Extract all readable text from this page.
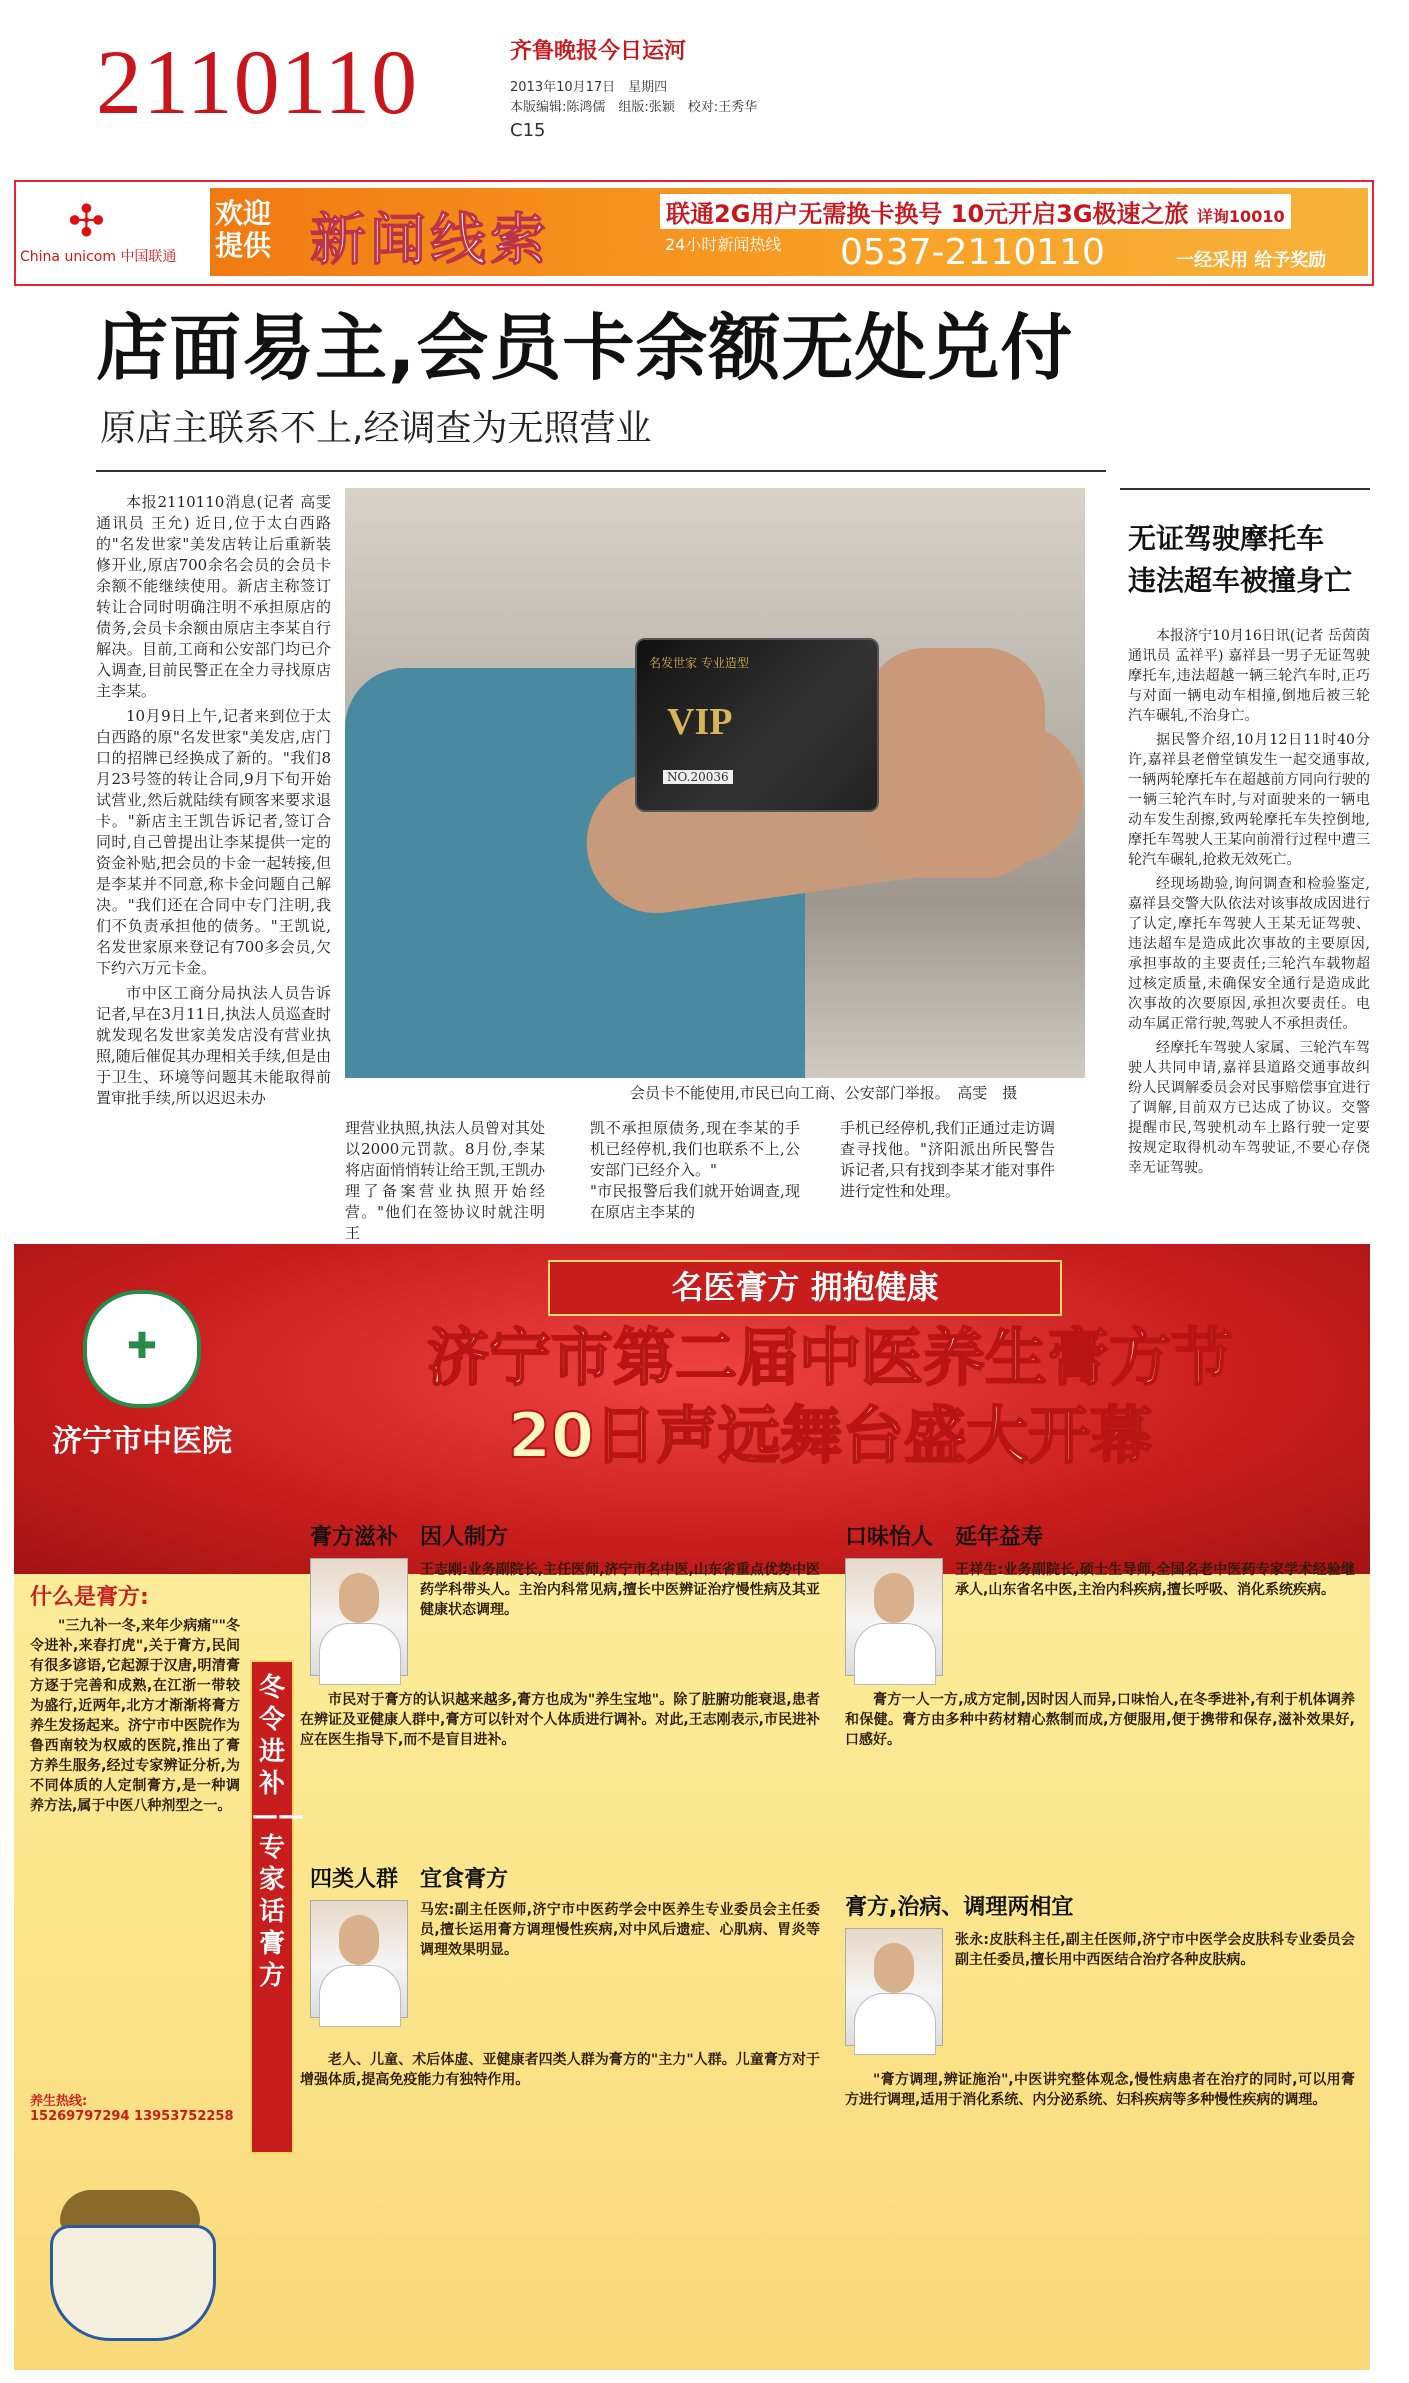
2110110	齐鲁晚报今日运河
2013年10月17日　星期四
本版编辑:陈鸿儒　组版:张颖　校对:王秀华
C15
✣
China unicom 中国联通
欢迎提供 新闻线索	联通2G用户无需换卡换号 10元开启3G极速之旅 详询10010
24小时新闻热线	0537-2110110	一经采用 给予奖励
店面易主,会员卡余额无处兑付
原店主联系不上,经调查为无照营业

本报2110110消息(记者 高雯 通讯员 王允) 近日,位于太白西路的"名发世家"美发店转让后重新装修开业,原店700余名会员的会员卡余额不能继续使用。新店主称签订转让合同时明确注明不承担原店的债务,会员卡余额由原店主李某自行解决。目前,工商和公安部门均已介入调查,目前民警正在全力寻找原店主李某。

10月9日上午,记者来到位于太白西路的原"名发世家"美发店,店门口的招牌已经换成了新的。"我们8月23号签的转让合同,9月下旬开始试营业,然后就陆续有顾客来要求退卡。"新店主王凯告诉记者,签订合同时,自己曾提出让李某提供一定的资金补贴,把会员的卡金一起转接,但是李某并不同意,称卡金问题自己解决。"我们还在合同中专门注明,我们不负责承担他的债务。"王凯说,名发世家原来登记有700多会员,欠下约六万元卡金。

市中区工商分局执法人员告诉记者,早在3月11日,执法人员巡查时就发现名发世家美发店没有营业执照,随后催促其办理相关手续,但是由于卫生、环境等问题其未能取得前置审批手续,所以迟迟未办

名发世家 专业造型
VIP
NO.20036
会员卡不能使用,市民已向工商、公安部门举报。　高雯　摄

理营业执照,执法人员曾对其处以2000元罚款。8月份,李某将店面悄悄转让给王凯,王凯办理了备案营业执照开始经营。"他们在签协议时就注明王

凯不承担原债务,现在李某的手机已经停机,我们也联系不上,公安部门已经介入。"
"市民报警后我们就开始调查,现在原店主李某的

手机已经停机,我们正通过走访调查寻找他。"济阳派出所民警告诉记者,只有找到李某才能对事件进行定性和处理。

无证驾驶摩托车
违法超车被撞身亡

本报济宁10月16日讯(记者 岳茵茵 通讯员 孟祥平) 嘉祥县一男子无证驾驶摩托车,违法超越一辆三轮汽车时,正巧与对面一辆电动车相撞,倒地后被三轮汽车碾轧,不治身亡。

据民警介绍,10月12日11时40分许,嘉祥县老僧堂镇发生一起交通事故,一辆两轮摩托车在超越前方同向行驶的一辆三轮汽车时,与对面驶来的一辆电动车发生刮擦,致两轮摩托车失控倒地,摩托车驾驶人王某向前滑行过程中遭三轮汽车碾轧,抢救无效死亡。

经现场勘验,询问调查和检验鉴定,嘉祥县交警大队依法对该事故成因进行了认定,摩托车驾驶人王某无证驾驶、违法超车是造成此次事故的主要原因,承担事故的主要责任;三轮汽车载物超过核定质量,未确保安全通行是造成此次事故的次要原因,承担次要责任。电动车属正常行驶,驾驶人不承担责任。

经摩托车驾驶人家属、三轮汽车驾驶人共同申请,嘉祥县道路交通事故纠纷人民调解委员会对民事赔偿事宜进行了调解,目前双方已达成了协议。交警提醒市民,驾驶机动车上路行驶一定要按规定取得机动车驾驶证,不要心存侥幸无证驾驶。

✚
济宁市中医院
名医膏方 拥抱健康
济宁市第二届中医养生膏方节
20日声远舞台盛大开幕
什么是膏方:

"三九补一冬,来年少病痛""冬令进补,来春打虎",关于膏方,民间有很多谚语,它起源于汉唐,明清膏方逐于完善和成熟,在江浙一带较为盛行,近两年,北方才渐渐将膏方养生发扬起来。济宁市中医院作为鲁西南较为权威的医院,推出了膏方养生服务,经过专家辨证分析,为不同体质的人定制膏方,是一种调养方法,属于中医八种剂型之一。

养生热线:
15269797294 13953752258
冬令进补——专家话膏方
膏方滋补　因人制方

王志刚:业务副院长,主任医师,济宁市名中医,山东省重点优势中医药学科带头人。主治内科常见病,擅长中医辨证治疗慢性病及其亚健康状态调理。

市民对于膏方的认识越来越多,膏方也成为"养生宝地"。除了脏腑功能衰退,患者在辨证及亚健康人群中,膏方可以针对个人体质进行调补。对此,王志刚表示,市民进补应在医生指导下,而不是盲目进补。

口味怡人　延年益寿

王祥生:业务副院长,硕士生导师,全国名老中医药专家学术经验继承人,山东省名中医,主治内科疾病,擅长呼吸、消化系统疾病。

膏方一人一方,成方定制,因时因人而异,口味怡人,在冬季进补,有利于机体调养和保健。膏方由多种中药材精心熬制而成,方便服用,便于携带和保存,滋补效果好,口感好。

四类人群　宜食膏方

马宏:副主任医师,济宁市中医药学会中医养生专业委员会主任委员,擅长运用膏方调理慢性疾病,对中风后遗症、心肌病、胃炎等调理效果明显。

老人、儿童、术后体虚、亚健康者四类人群为膏方的"主力"人群。儿童膏方对于增强体质,提高免疫能力有独特作用。

膏方,治病、调理两相宜

张永:皮肤科主任,副主任医师,济宁市中医学会皮肤科专业委员会副主任委员,擅长用中西医结合治疗各种皮肤病。

"膏方调理,辨证施治",中医讲究整体观念,慢性病患者在治疗的同时,可以用膏方进行调理,适用于消化系统、内分泌系统、妇科疾病等多种慢性疾病的调理。
